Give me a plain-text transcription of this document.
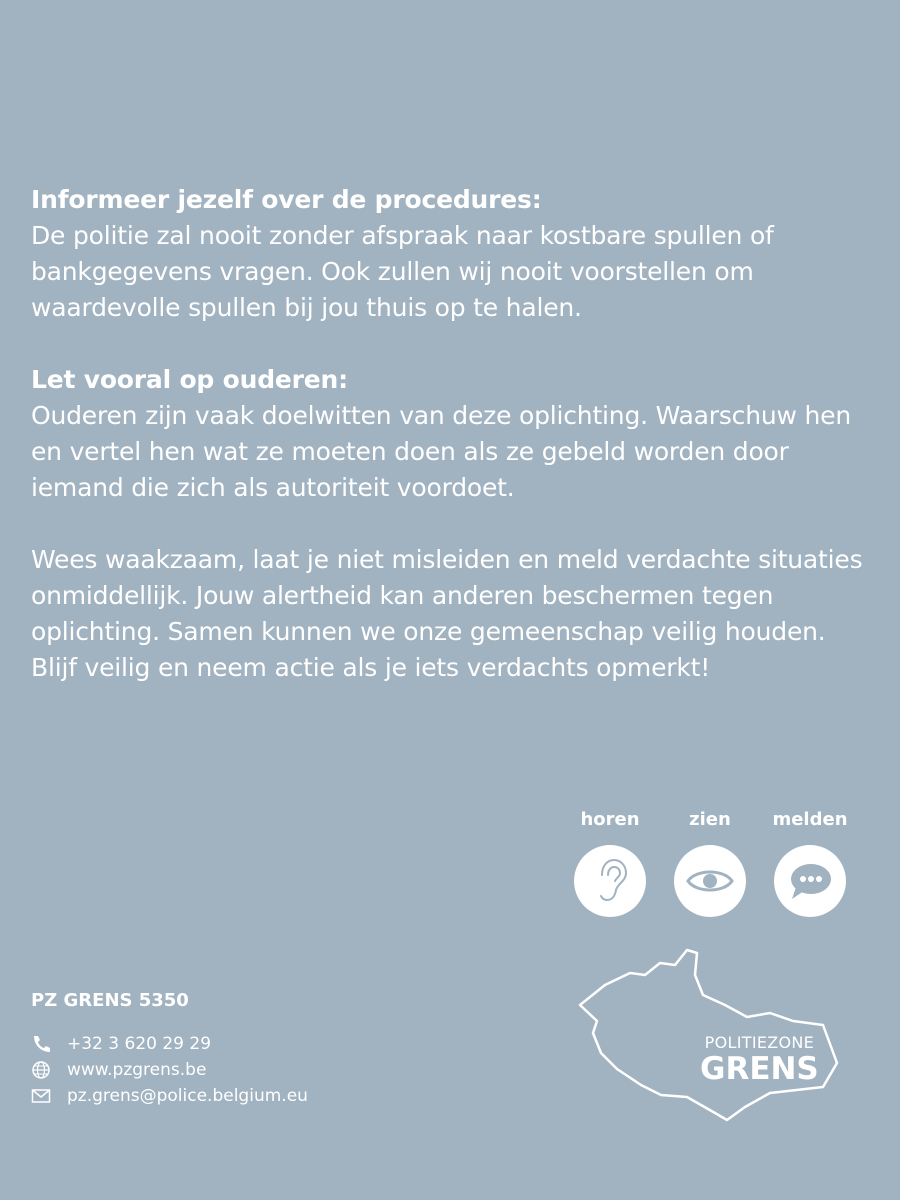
Informeer jezelf over de procedures:
De politie zal nooit zonder afspraak naar kostbare spullen of bankgegevens vragen. Ook zullen wij nooit voorstellen om waardevolle spullen bij jou thuis op te halen.
Let vooral op ouderen:
Ouderen zijn vaak doelwitten van deze oplichting. Waarschuw hen en vertel hen wat ze moeten doen als ze gebeld worden door iemand die zich als autoriteit voordoet.
Wees waakzaam, laat je niet misleiden en meld verdachte situaties onmiddellijk. Jouw alertheid kan anderen beschermen tegen oplichting. Samen kunnen we onze gemeenschap veilig houden. Blijf veilig en neem actie als je iets verdachts opmerkt!
horen	zien	melden
PZ GRENS 5350
+32 3 620 29 29
www.pzgrens.be
pz.grens@police.belgium.eu
POLITIEZONE
GRENS
